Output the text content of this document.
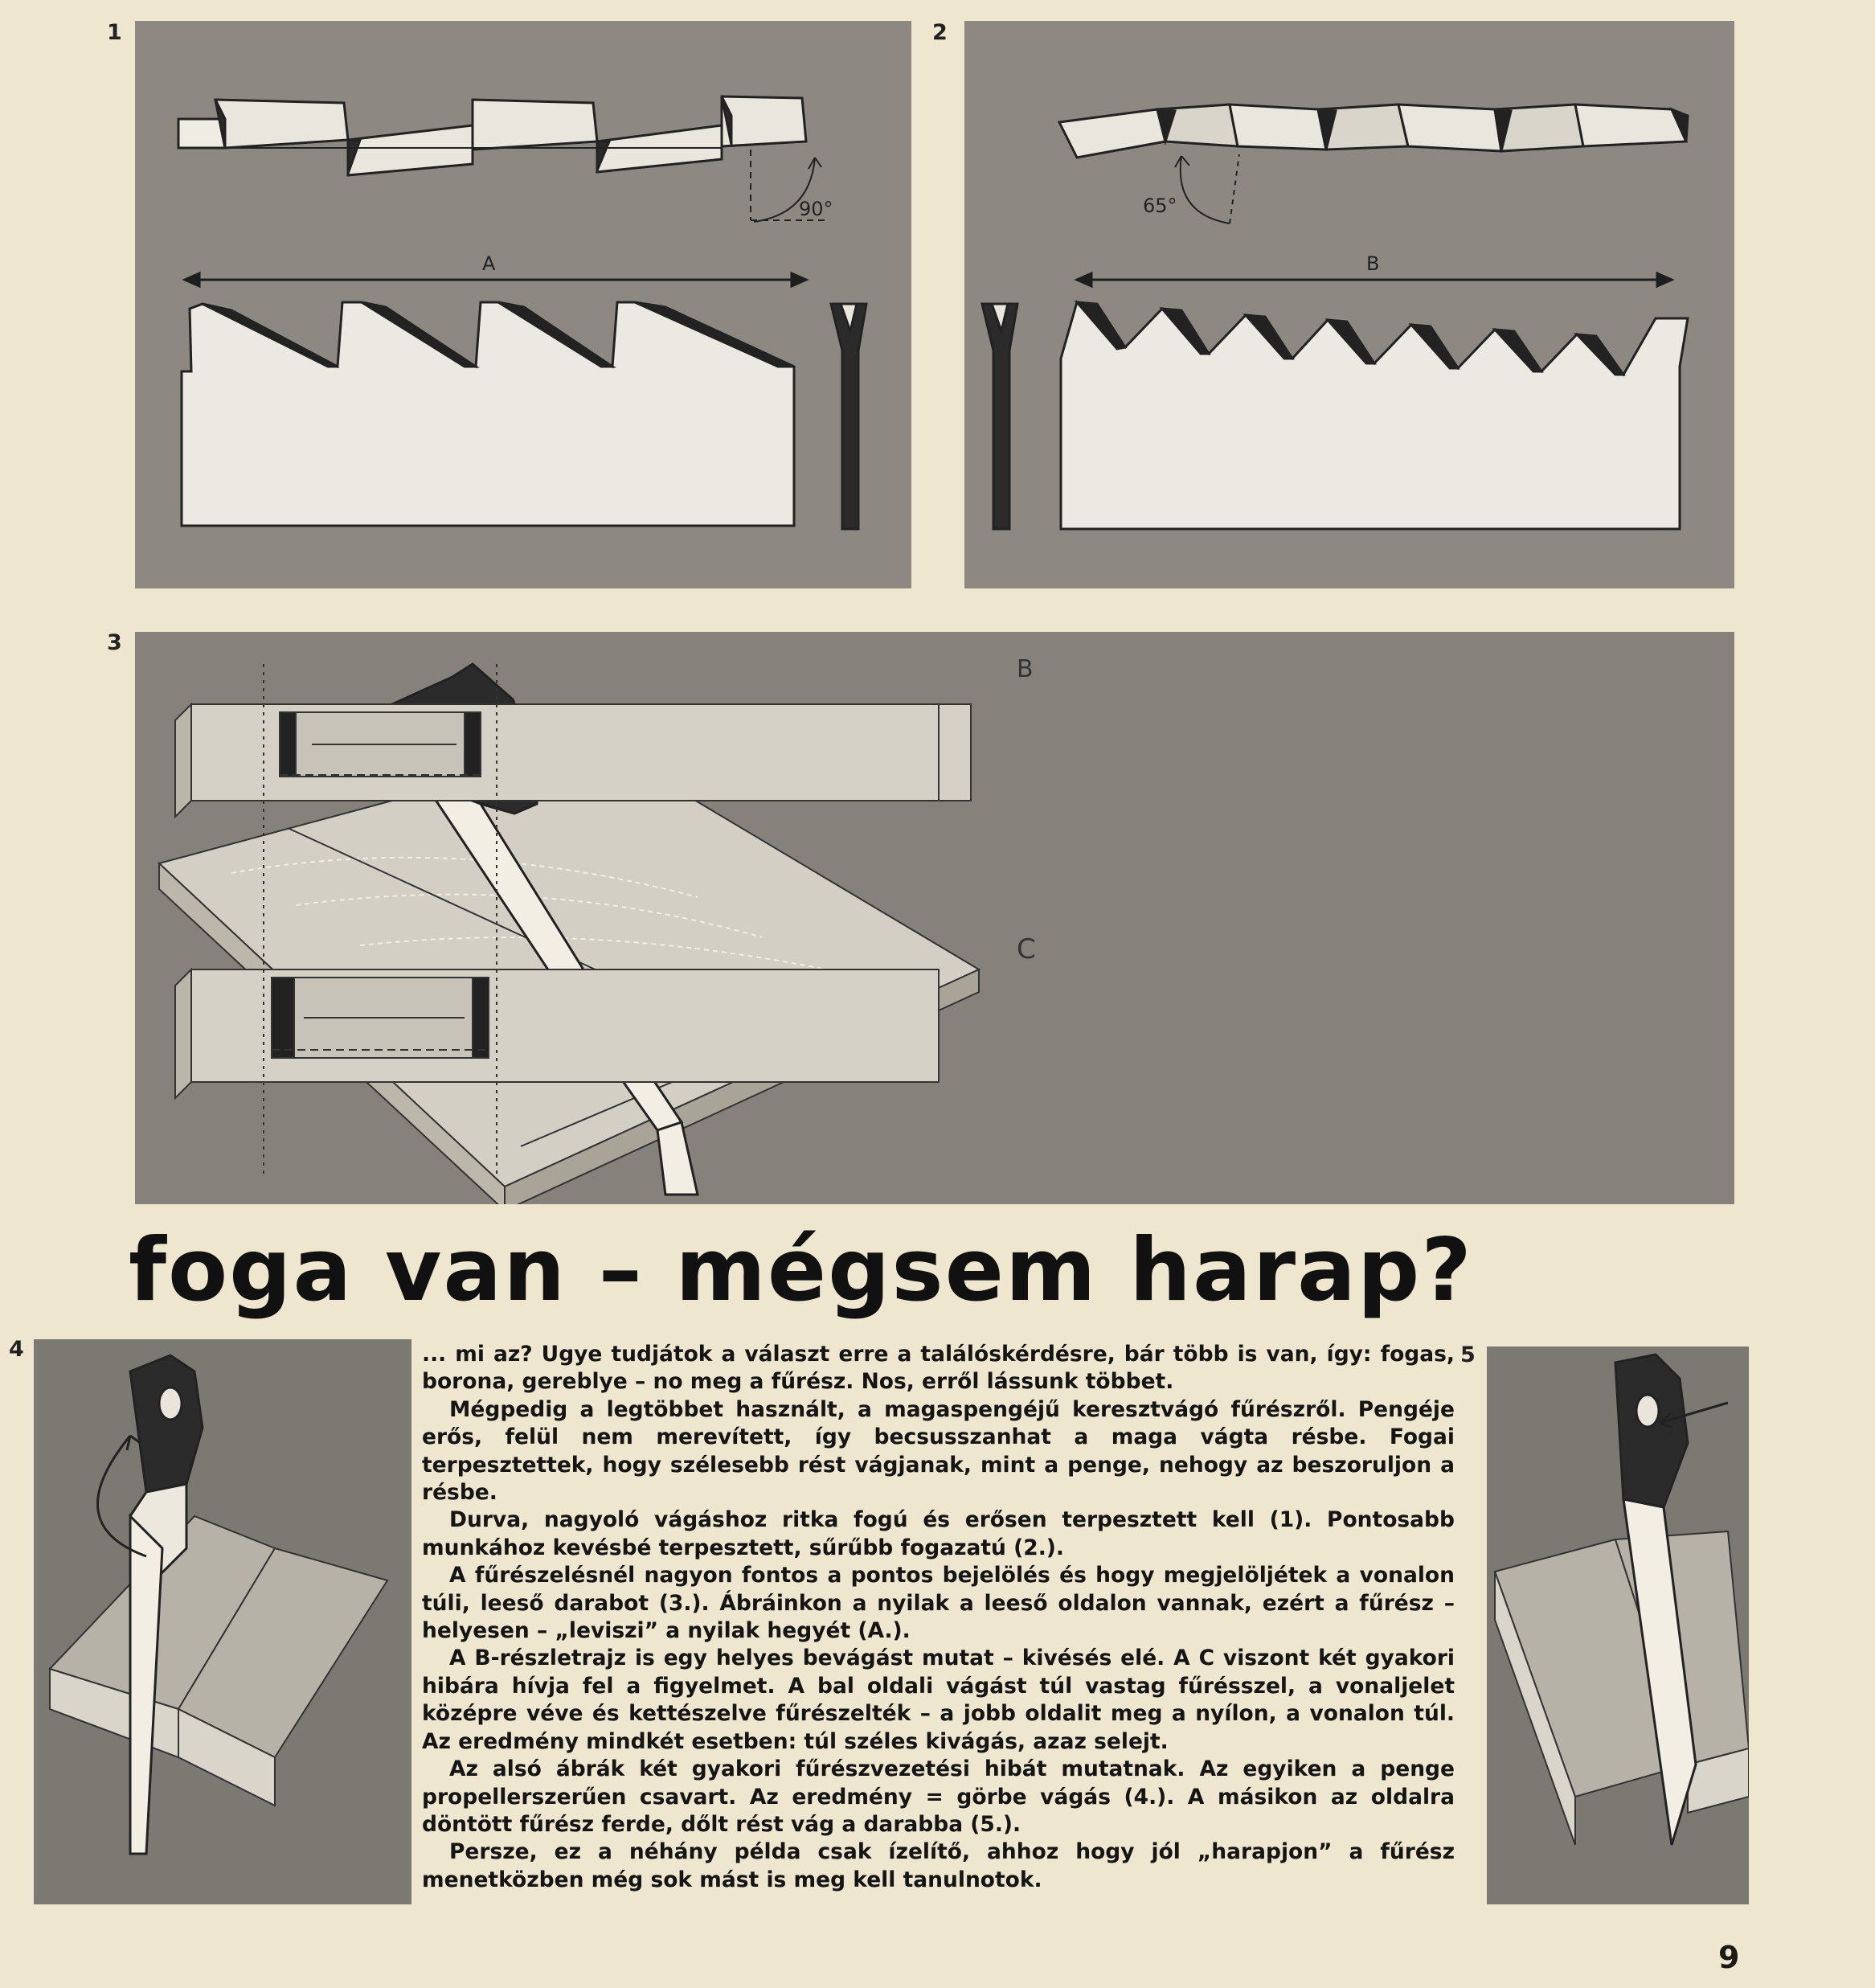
1
90°
A
2
65°
B
3
B
C
foga van – mégsem harap?
4	... mi az? Ugye tudjátok a választ erre a találóskérdésre, bár több is van, így: fogas, borona, gereblye – no meg a fűrész. Nos, erről lássunk többet.

Mégpedig a legtöbbet használt, a magaspengéjű keresztvágó fűrészről. Pengéje erős, felül nem merevített, így becsusszanhat a maga vágta résbe. Fogai terpesztettek, hogy szélesebb rést vágjanak, mint a penge, nehogy az beszoruljon a résbe.

Durva, nagyoló vágáshoz ritka fogú és erősen terpesztett kell (1). Pontosabb munkához kevésbé terpesztett, sűrűbb fogazatú (2.).

A fűrészelésnél nagyon fontos a pontos bejelölés és hogy megjelöljétek a vonalon túli, leeső darabot (3.). Ábráinkon a nyilak a leeső oldalon vannak, ezért a fűrész – helyesen – „leviszi” a nyilak hegyét (A.).

A B-részletrajz is egy helyes bevágást mutat – kivésés elé. A C viszont két gyakori hibára hívja fel a figyelmet. A bal oldali vágást túl vastag fűrésszel, a vonaljelet középre véve és kettészelve fűrészelték – a jobb oldalit meg a nyílon, a vonalon túl. Az eredmény mindkét esetben: túl széles kivágás, azaz selejt.

Az alsó ábrák két gyakori fűrészvezetési hibát mutatnak. Az egyiken a penge propellerszerűen csavart. Az eredmény = görbe vágás (4.). A másikon az oldalra döntött fűrész ferde, dőlt rést vág a darabba (5.).

Persze, ez a néhány példa csak ízelítő, ahhoz hogy jól „harapjon” a fűrész menetközben még sok mást is meg kell tanulnotok.

5
9
